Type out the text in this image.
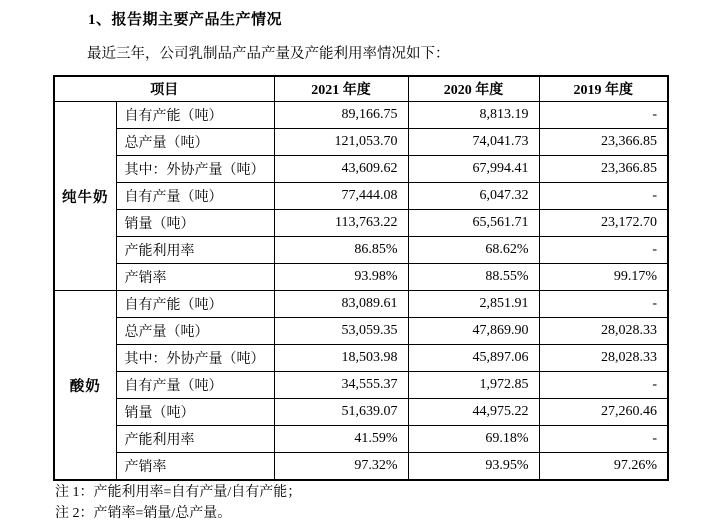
1、报告期主要产品生产情况
最近三年，公司乳制品产品产量及产能利用率情况如下：
项目		2021 年度	2020 年度	2019 年度
纯牛奶	自有产能（吨）	89,166.75	8,813.19	-
	总产量（吨）	121,053.70	74,041.73	23,366.85
	其中：外协产量（吨）	43,609.62	67,994.41	23,366.85
	自有产量（吨）	77,444.08	6,047.32	-
	销量（吨）	113,763.22	65,561.71	23,172.70
	产能利用率	86.85%	68.62%	-
	产销率	93.98%	88.55%	99.17%
酸奶	自有产能（吨）	83,089.61	2,851.91	-
	总产量（吨）	53,059.35	47,869.90	28,028.33
	其中：外协产量（吨）	18,503.98	45,897.06	28,028.33
	自有产量（吨）	34,555.37	1,972.85	-
	销量（吨）	51,639.07	44,975.22	27,260.46
	产能利用率	41.59%	69.18%	-
	产销率	97.32%	93.95%	97.26%
注 1：产能利用率=自有产量/自有产能；
注 2：产销率=销量/总产量。
